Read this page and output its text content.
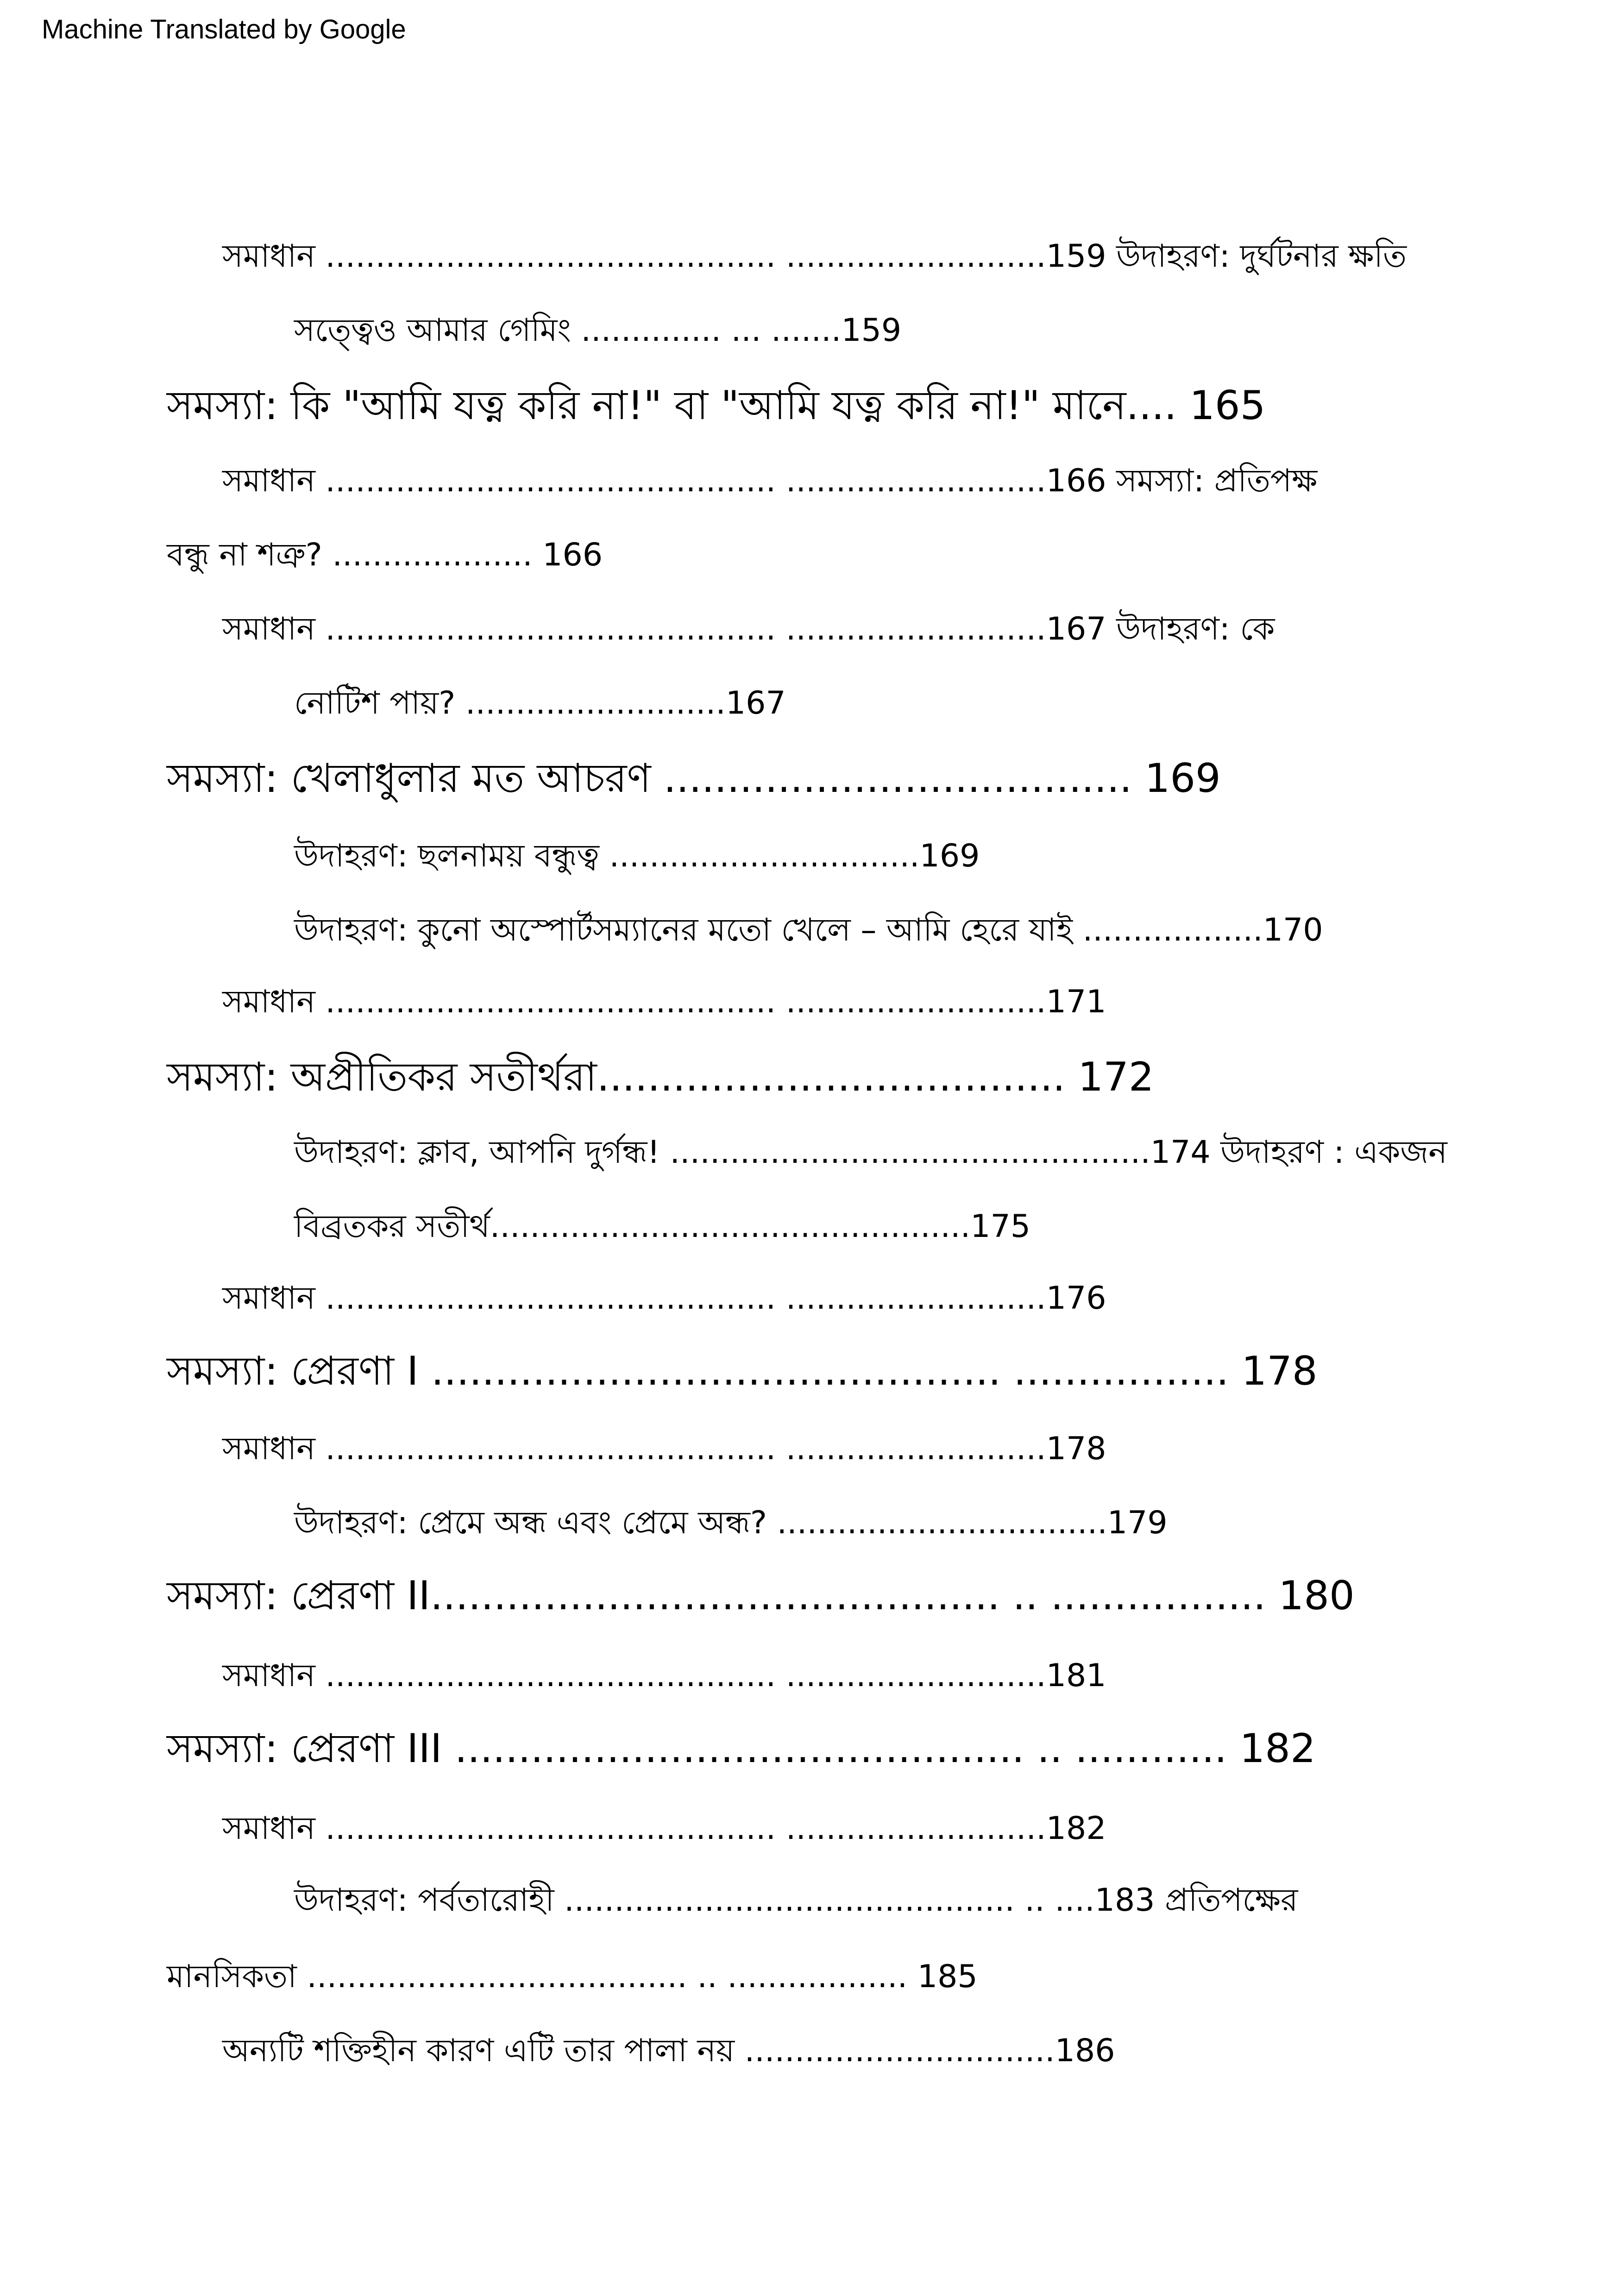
Machine Translated by Google
সমাধান ............................................. ..........................159 উদাহরণ: দুর্ঘটনার ক্ষতি
সত্ত্বেও আমার গেমিং .............. ... .......159
সমস্যা: কি "আমি যত্ন করি না!" বা "আমি যত্ন করি না!" মানে.... 165
সমাধান ............................................. ..........................166 সমস্যা: প্রতিপক্ষ
বন্ধু না শত্রু? .................... 166
সমাধান ............................................. ..........................167 উদাহরণ: কে
নোটিশ পায়? ..........................167
সমস্যা: খেলাধুলার মত আচরণ ..................................... 169
উদাহরণ: ছলনাময় বন্ধুত্ব ...............................169
উদাহরণ: কুনো অস্পোর্টসম্যানের মতো খেলে – আমি হেরে যাই ..................170
সমাধান ............................................. ..........................171
সমস্যা: অপ্রীতিকর সতীর্থরা..................................... 172
উদাহরণ: ক্লাব, আপনি দুর্গন্ধ! ................................................174 উদাহরণ : একজন
বিব্রতকর সতীর্থ................................................175
সমাধান ............................................. ..........................176
সমস্যা: প্রেরণা I ............................................. ................. 178
সমাধান ............................................. ..........................178
উদাহরণ: প্রেমে অন্ধ এবং প্রেমে অন্ধ? .................................179
সমস্যা: প্রেরণা II............................................. .. ................. 180
সমাধান ............................................. ..........................181
সমস্যা: প্রেরণা III ............................................. .. ............ 182
সমাধান ............................................. ..........................182
উদাহরণ: পর্বতারোহী ............................................. .. ....183 প্রতিপক্ষের
মানসিকতা ...................................... .. .................. 185
অন্যটি শক্তিহীন কারণ এটি তার পালা নয় ...............................186
